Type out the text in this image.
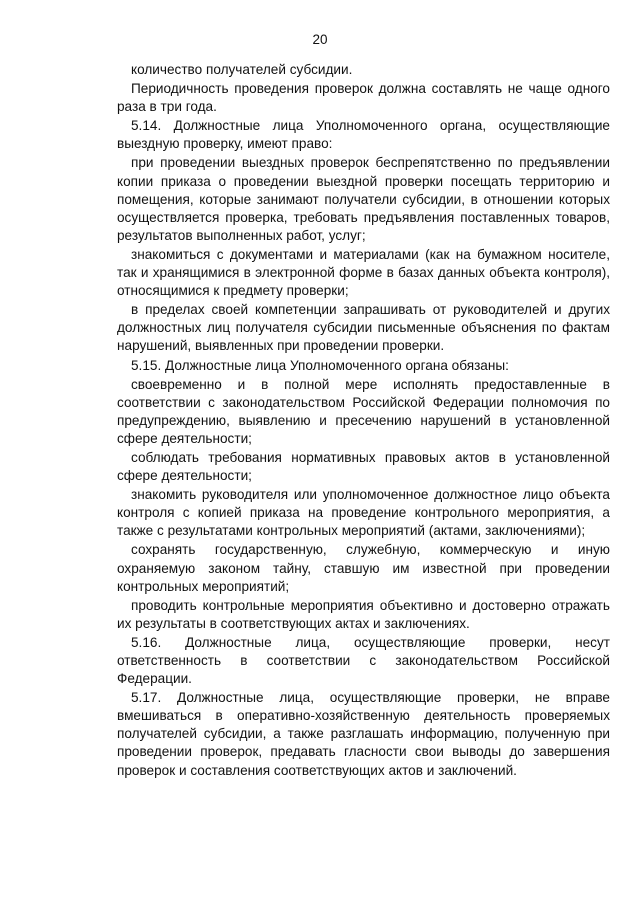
20

количество получателей субсидии.

Периодичность проведения проверок должна составлять не чаще одного раза в три года.

5.14. Должностные лица Уполномоченного органа, осуществляющие выездную проверку, имеют право:

при проведении выездных проверок беспрепятственно по предъявлении копии приказа о проведении выездной проверки посещать территорию и помещения, которые занимают получатели субсидии, в отношении которых осуществляется проверка, требовать предъявления поставленных товаров, результатов выполненных работ, услуг;

знакомиться с документами и материалами (как на бумажном носителе, так и хранящимися в электронной форме в базах данных объекта контроля), относящимися к предмету проверки;

в пределах своей компетенции запрашивать от руководителей и других должностных лиц получателя субсидии письменные объяснения по фактам нарушений, выявленных при проведении проверки.

5.15. Должностные лица Уполномоченного органа обязаны:

своевременно и в полной мере исполнять предоставленные в соответствии с законодательством Российской Федерации полномочия по предупреждению, выявлению и пресечению нарушений в установленной сфере деятельности;

соблюдать требования нормативных правовых актов в установленной сфере деятельности;

знакомить руководителя или уполномоченное должностное лицо объекта контроля с копией приказа на проведение контрольного мероприятия, а также с результатами контрольных мероприятий (актами, заключениями);

сохранять государственную, служебную, коммерческую и иную охраняемую законом тайну, ставшую им известной при проведении контрольных мероприятий;

проводить контрольные мероприятия объективно и достоверно отражать их результаты в соответствующих актах и заключениях.

5.16. Должностные лица, осуществляющие проверки, несут ответственность в соответствии с законодательством Российской Федерации.

5.17. Должностные лица, осуществляющие проверки, не вправе вмешиваться в оперативно-хозяйственную деятельность проверяемых получателей субсидии, а также разглашать информацию, полученную при проведении проверок, предавать гласности свои выводы до завершения проверок и составления соответствующих актов и заключений.
